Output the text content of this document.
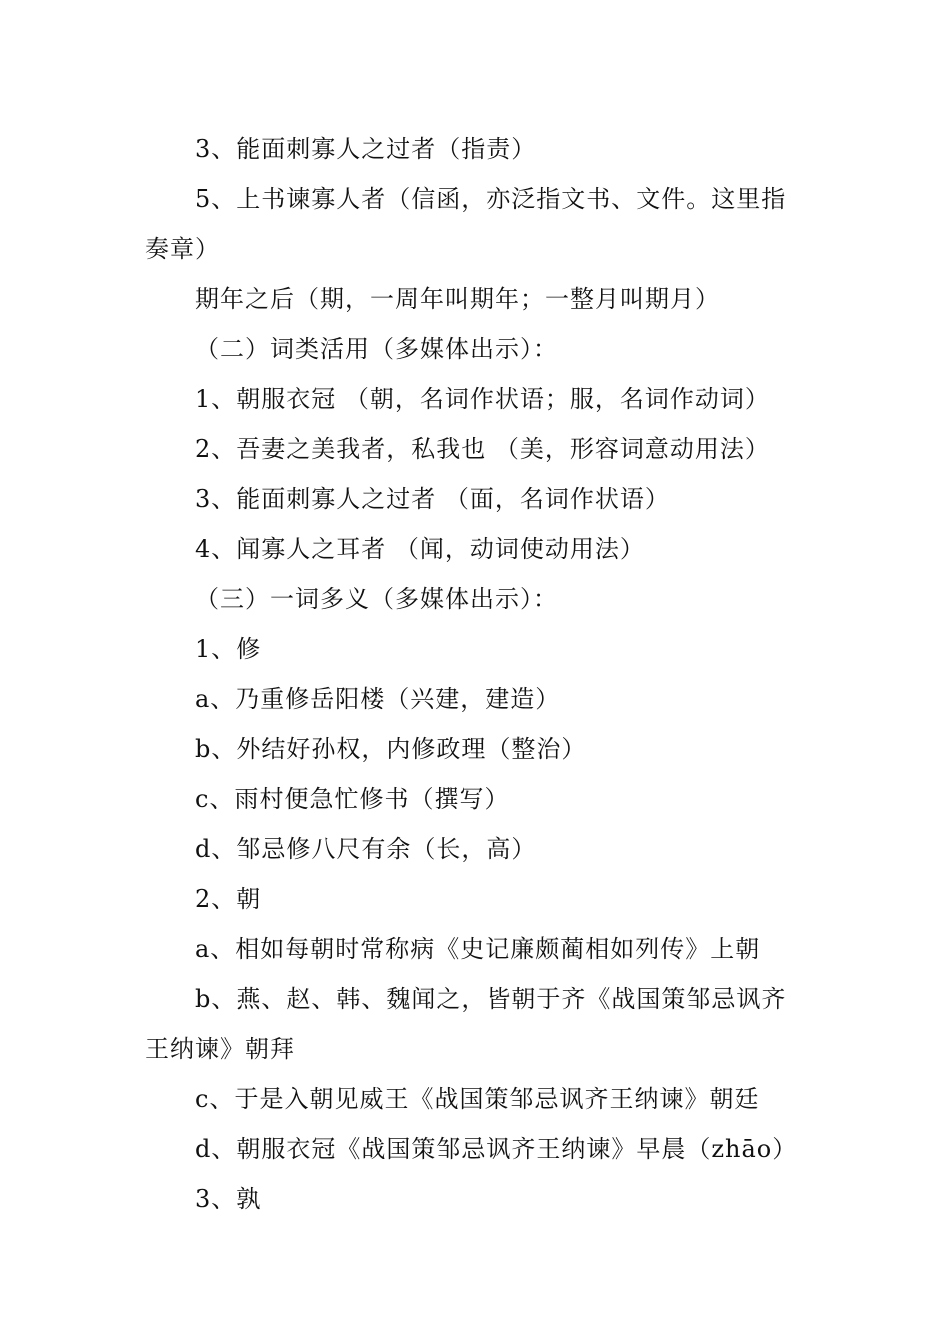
3、能面刺寡人之过者（指责）
5、上书谏寡人者（信函，亦泛指文书、文件。这里指
奏章）
期年之后（期，一周年叫期年；一整月叫期月）
（二）词类活用（多媒体出示）：
1、朝服衣冠 （朝，名词作状语；服，名词作动词）
2、吾妻之美我者，私我也 （美，形容词意动用法）
3、能面刺寡人之过者 （面，名词作状语）
4、闻寡人之耳者 （闻，动词使动用法）
（三）一词多义（多媒体出示）：
1、修
a、乃重修岳阳楼（兴建，建造）
b、外结好孙权，内修政理（整治）
c、雨村便急忙修书（撰写）
d、邹忌修八尺有余（长，高）
2、朝
a、相如每朝时常称病《史记廉颇蔺相如列传》上朝
b、燕、赵、韩、魏闻之，皆朝于齐《战国策邹忌讽齐
王纳谏》朝拜
c、于是入朝见威王《战国策邹忌讽齐王纳谏》朝廷
d、朝服衣冠《战国策邹忌讽齐王纳谏》早晨（zhāo）
3、孰
